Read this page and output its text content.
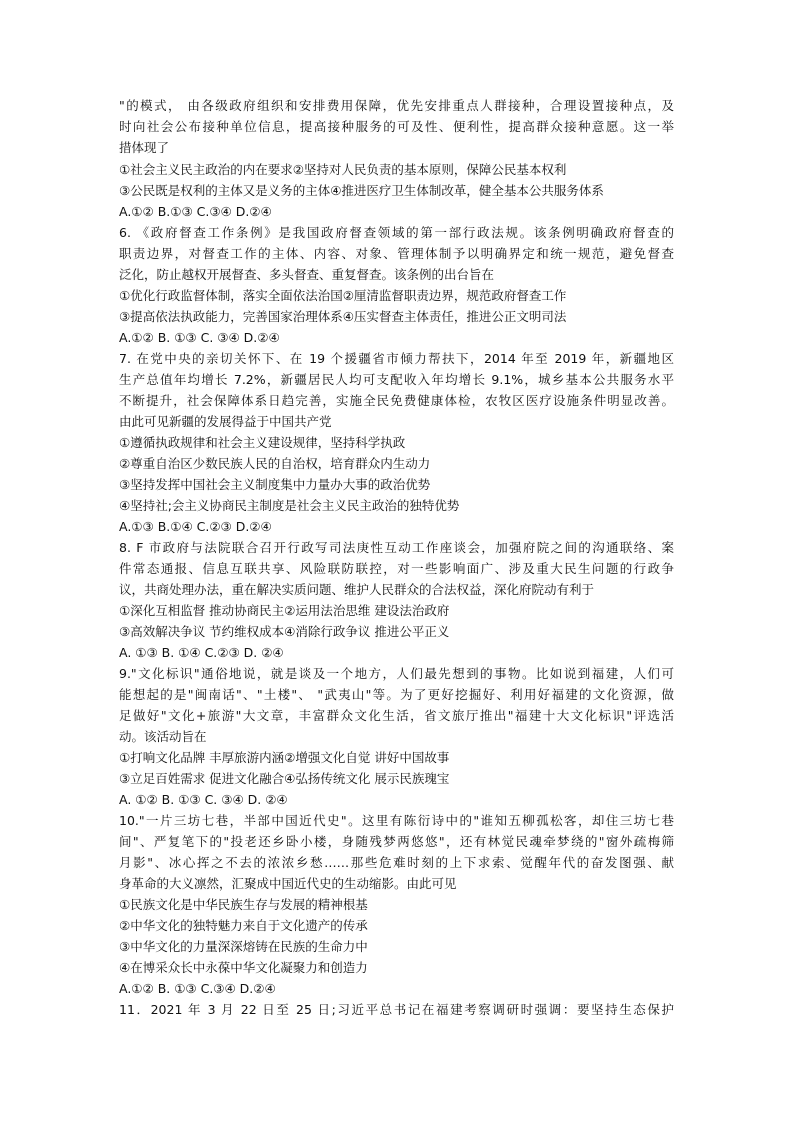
"的模式， 由各级政府组织和安排费用保障，优先安排重点人群接种，合理设置接种点，及
时向社会公布接种单位信息，提高接种服务的可及性、便利性，提高群众接种意愿。这一举
措体现了
①社会主义民主政治的内在要求②坚持对人民负责的基本原则，保障公民基本权利
③公民既是权利的主体又是义务的主体④推进医疗卫生体制改革，健全基本公共服务体系
A.①② B.①③ C.③④ D.②④
6. 《政府督查工作条例》是我国政府督查领域的第一部行政法规。该条例明确政府督查的
职责边界，对督查工作的主体、内容、对象、管理体制予以明确界定和统一规范，避免督查
泛化，防止越权开展督查、多头督查、重复督查。该条例的出台旨在
①优化行政监督体制，落实全面依法治国②厘清监督职责边界，规范政府督查工作
③提高依法执政能力，完善国家治理体系④压实督查主体责任，推进公正文明司法
A.①② B. ①③ C. ③④ D.②④
7. 在党中央的亲切关怀下、在 19 个援疆省市倾力帮扶下，2014 年至 2019 年，新疆地区
生产总值年均增长 7.2%，新疆居民人均可支配收入年均增长 9.1%，城乡基本公共服务水平
不断提升，社会保障体系日趋完善，实施全民免费健康体检，农牧区医疗设施条件明显改善。
由此可见新疆的发展得益于中国共产党
①遵循执政规律和社会主义建设规律，坚持科学执政
②尊重自治区少数民族人民的自治权，培育群众内生动力
③坚持发挥中国社会主义制度集中力量办大事的政治优势
④坚持社;会主义协商民主制度是社会主义民主政治的独特优势
A.①③ B.①④ C.②③ D.②④
8. F 市政府与法院联合召开行政写司法庚性互动工作座谈会，加强府院之间的沟通联络、案
件常态通报、信息互联共享、风险联防联控，对一些影响面广、涉及重大民生问题的行政争
议，共商处理办法，重在解决实质问题、维护人民群众的合法权益，深化府院动有利于
①深化互相监督 推动协商民主②运用法治思维 建设法治政府
③高效解决争议 节约维权成本④消除行政争议 推进公平正义
A. ①③ B. ①④ C.②③ D. ②④
9."文化标识"通俗地说，就是谈及一个地方，人们最先想到的事物。比如说到福建，人们可
能想起的是"闽南话"、"土楼"、 "武夷山"等。为了更好挖掘好、利用好福建的文化资源，做
足做好"文化+旅游"大文章，丰富群众文化生活，省文旅厅推出"福建十大文化标识"评选活
动。该活动旨在
①打响文化品牌 丰厚旅游内涵②增强文化自觉 讲好中国故事
③立足百姓需求 促进文化融合④弘扬传统文化 展示民族瑰宝
A. ①② B. ①③ C. ③④ D. ②④
10."一片三坊七巷，半部中国近代史"。这里有陈衍诗中的"谁知五柳孤松客，却住三坊七巷
间"、严复笔下的"投老还乡卧小楼，身随残梦两悠悠"，还有林觉民魂牵梦绕的"窗外疏梅筛
月影"、冰心挥之不去的浓浓乡愁……那些危难时刻的上下求索、觉醒年代的奋发图强、献
身革命的大义凛然，汇聚成中国近代史的生动缩影。由此可见
①民族文化是中华民族生存与发展的精神根基
②中华文化的独特魅力来自于文化遗产的传承
③中华文化的力量深深熔铸在民族的生命力中
④在博采众长中永葆中华文化凝聚力和创造力
A.①② B. ①③ C.③④ D.②④
11．2021 年 3 月 22 日至 25 日;习近平总书记在福建考察调研时强调：要坚持生态保护
